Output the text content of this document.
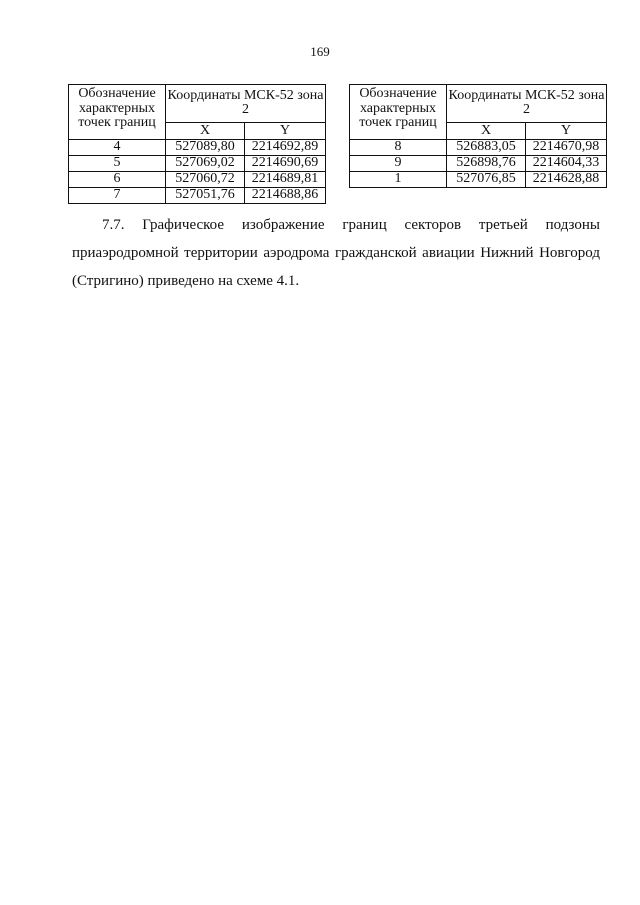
169
Обозначение характерных точек границ	Координаты МСК-52 зона 2	
	X	Y
4	527089,80	2214692,89
5	527069,02	2214690,69
6	527060,72	2214689,81
7	527051,76	2214688,86
Обозначение характерных точек границ	Координаты МСК-52 зона 2	
	X	Y
8	526883,05	2214670,98
9	526898,76	2214604,33
1	527076,85	2214628,88
7.7. Графическое изображение границ секторов третьей подзоны
приаэродромной территории аэродрома гражданской авиации Нижний Новгород
(Стригино) приведено на схеме 4.1.
